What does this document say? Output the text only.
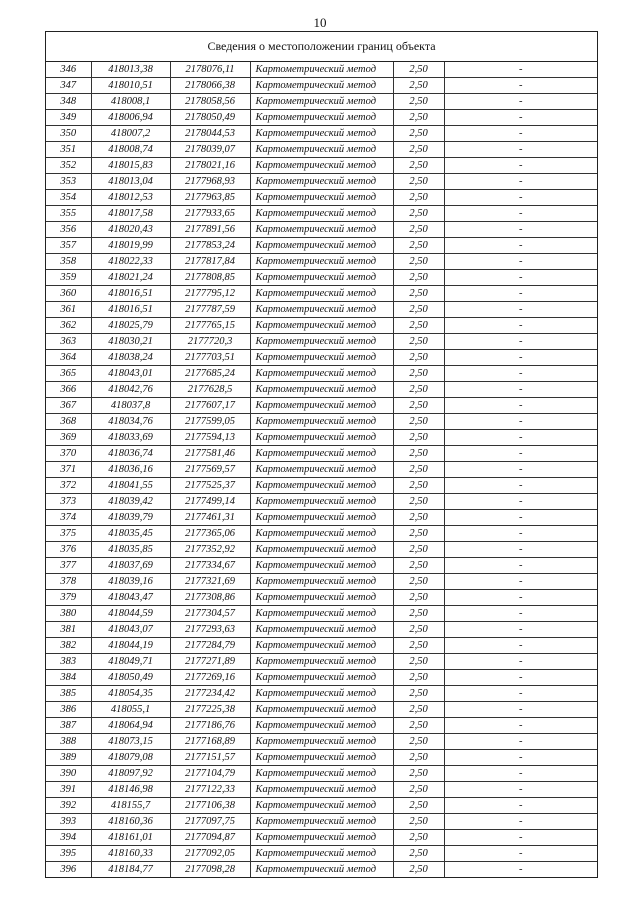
10
Сведения о местоположении границ объекта
346	418013,38	2178076,11	Картометрический метод	2,50	-
347	418010,51	2178066,38	Картометрический метод	2,50	-
348	418008,1	2178058,56	Картометрический метод	2,50	-
349	418006,94	2178050,49	Картометрический метод	2,50	-
350	418007,2	2178044,53	Картометрический метод	2,50	-
351	418008,74	2178039,07	Картометрический метод	2,50	-
352	418015,83	2178021,16	Картометрический метод	2,50	-
353	418013,04	2177968,93	Картометрический метод	2,50	-
354	418012,53	2177963,85	Картометрический метод	2,50	-
355	418017,58	2177933,65	Картометрический метод	2,50	-
356	418020,43	2177891,56	Картометрический метод	2,50	-
357	418019,99	2177853,24	Картометрический метод	2,50	-
358	418022,33	2177817,84	Картометрический метод	2,50	-
359	418021,24	2177808,85	Картометрический метод	2,50	-
360	418016,51	2177795,12	Картометрический метод	2,50	-
361	418016,51	2177787,59	Картометрический метод	2,50	-
362	418025,79	2177765,15	Картометрический метод	2,50	-
363	418030,21	2177720,3	Картометрический метод	2,50	-
364	418038,24	2177703,51	Картометрический метод	2,50	-
365	418043,01	2177685,24	Картометрический метод	2,50	-
366	418042,76	2177628,5	Картометрический метод	2,50	-
367	418037,8	2177607,17	Картометрический метод	2,50	-
368	418034,76	2177599,05	Картометрический метод	2,50	-
369	418033,69	2177594,13	Картометрический метод	2,50	-
370	418036,74	2177581,46	Картометрический метод	2,50	-
371	418036,16	2177569,57	Картометрический метод	2,50	-
372	418041,55	2177525,37	Картометрический метод	2,50	-
373	418039,42	2177499,14	Картометрический метод	2,50	-
374	418039,79	2177461,31	Картометрический метод	2,50	-
375	418035,45	2177365,06	Картометрический метод	2,50	-
376	418035,85	2177352,92	Картометрический метод	2,50	-
377	418037,69	2177334,67	Картометрический метод	2,50	-
378	418039,16	2177321,69	Картометрический метод	2,50	-
379	418043,47	2177308,86	Картометрический метод	2,50	-
380	418044,59	2177304,57	Картометрический метод	2,50	-
381	418043,07	2177293,63	Картометрический метод	2,50	-
382	418044,19	2177284,79	Картометрический метод	2,50	-
383	418049,71	2177271,89	Картометрический метод	2,50	-
384	418050,49	2177269,16	Картометрический метод	2,50	-
385	418054,35	2177234,42	Картометрический метод	2,50	-
386	418055,1	2177225,38	Картометрический метод	2,50	-
387	418064,94	2177186,76	Картометрический метод	2,50	-
388	418073,15	2177168,89	Картометрический метод	2,50	-
389	418079,08	2177151,57	Картометрический метод	2,50	-
390	418097,92	2177104,79	Картометрический метод	2,50	-
391	418146,98	2177122,33	Картометрический метод	2,50	-
392	418155,7	2177106,38	Картометрический метод	2,50	-
393	418160,36	2177097,75	Картометрический метод	2,50	-
394	418161,01	2177094,87	Картометрический метод	2,50	-
395	418160,33	2177092,05	Картометрический метод	2,50	-
396	418184,77	2177098,28	Картометрический метод	2,50	-
